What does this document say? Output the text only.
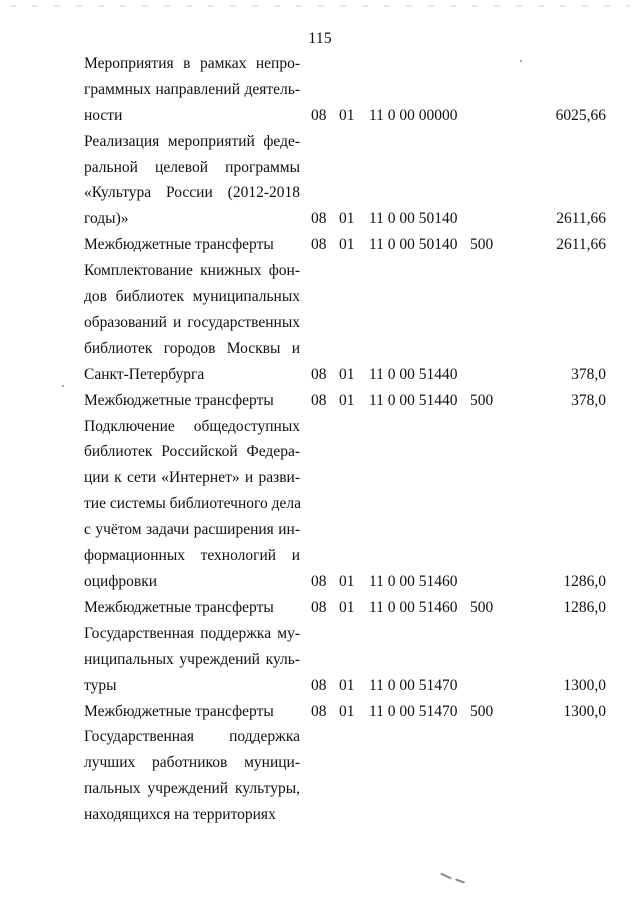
115
Мероприятия в рамках непро-
граммных направлений деятель-
ности	08 01 11 0 00 00000	6025,66
Реализация мероприятий феде-
ральной целевой программы
«Культура России (2012-2018
годы)»	08 01 11 0 00 50140	2611,66
Межбюджетные трансферты	08 01 11 0 00 50140 500	2611,66
Комплектование книжных фон-
дов библиотек муниципальных
образований и государственных
библиотек городов Москвы и
Санкт-Петербурга	08 01 11 0 00 51440	378,0
Межбюджетные трансферты	08 01 11 0 00 51440 500	378,0
Подключение общедоступных
библиотек Российской Федера-
ции к сети «Интернет» и разви-
тие системы библиотечного дела
с учётом задачи расширения ин-
формационных технологий и
оцифровки	08 01 11 0 00 51460	1286,0
Межбюджетные трансферты	08 01 11 0 00 51460 500	1286,0
Государственная поддержка му-
ниципальных учреждений куль-
туры	08 01 11 0 00 51470	1300,0
Межбюджетные трансферты	08 01 11 0 00 51470 500	1300,0
Государственная поддержка
лучших работников муници-
пальных учреждений культуры,
находящихся на территориях
